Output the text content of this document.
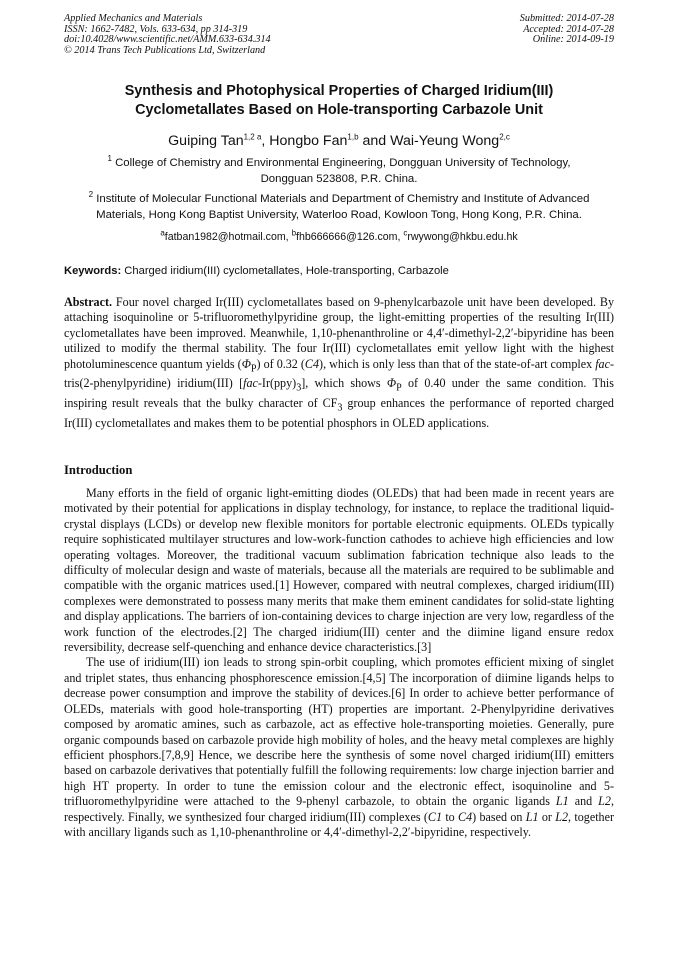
Applied Mechanics and Materials
ISSN: 1662-7482, Vols. 633-634, pp 314-319
doi:10.4028/www.scientific.net/AMM.633-634.314
© 2014 Trans Tech Publications Ltd, Switzerland
Submitted: 2014-07-28
Accepted: 2014-07-28
Online: 2014-09-19
Synthesis and Photophysical Properties of Charged Iridium(III)
Cyclometallates Based on Hole-transporting Carbazole Unit
Guiping Tan$^{1,2 a}$, Hongbo Fan$^{1,b}$ and Wai-Yeung Wong$^{2,c}$
$^1$ College of Chemistry and Environmental Engineering, Dongguan University of Technology,
Dongguan 523808, P.R. China.
$^2$ Institute of Molecular Functional Materials and Department of Chemistry and Institute of Advanced
Materials, Hong Kong Baptist University, Waterloo Road, Kowloon Tong, Hong Kong, P.R. China.
$^a$fatban1982@hotmail.com, $^b$fhb666666@126.com, $^c$rwywong@hkbu.edu.hk
Keywords: Charged iridium(III) cyclometallates, Hole-transporting, Carbazole

Abstract. Four novel charged Ir(III) cyclometallates based on 9-phenylcarbazole unit have been developed. By attaching isoquinoline or 5-trifluoromethylpyridine group, the light-emitting properties of the resulting Ir(III) cyclometallates have been improved. Meanwhile, 1,10-phenanthroline or 4,4′-dimethyl-2,2′-bipyridine has been utilized to modify the thermal stability. The four Ir(III) cyclometallates emit yellow light with the highest photoluminescence quantum yields $(\Phi_P)$ of 0.32 (C4), which is only less than that of the state-of-art complex fac-tris(2-phenylpyridine) iridium(III) $[fac-Ir(ppy)_3]$, which shows $\Phi_P$ of 0.40 under the same condition. This inspiring result reveals that the bulky character of $CF_3$ group enhances the performance of reported charged Ir(III) cyclometallates and makes them to be potential phosphors in OLED applications.

Introduction

Many efforts in the field of organic light-emitting diodes (OLEDs) that had been made in recent years are motivated by their potential for applications in display technology, for instance, to replace the traditional liquid-crystal displays (LCDs) or develop new flexible monitors for portable electronic equipments. OLEDs typically require sophisticated multilayer structures and low-work-function cathodes to achieve high efficiencies and low operating voltages. Moreover, the traditional vacuum sublimation fabrication technique also leads to the difficulty of molecular design and waste of materials, because all the materials are required to be sublimable and compatible with the organic matrices used.[1] However, compared with neutral complexes, charged iridium(III) complexes were demonstrated to possess many merits that make them eminent candidates for solid-state lighting and display applications. The barriers of ion-containing devices to charge injection are very low, regardless of the work function of the electrodes.[2] The charged iridium(III) center and the diimine ligand ensure redox reversibility, decrease self-quenching and enhance device characteristics.[3]

The use of iridium(III) ion leads to strong spin-orbit coupling, which promotes efficient mixing of singlet and triplet states, thus enhancing phosphorescence emission.[4,5] The incorporation of diimine ligands helps to decrease power consumption and improve the stability of devices.[6] In order to achieve better performance of OLEDs, materials with good hole-transporting (HT) properties are important. 2-Phenylpyridine derivatives composed by aromatic amines, such as carbazole, act as effective hole-transporting moieties. Generally, pure organic compounds based on carbazole provide high mobility of holes, and the heavy metal complexes are highly efficient phosphors.[7,8,9] Hence, we describe here the synthesis of some novel charged iridium(III) emitters based on carbazole derivatives that potentially fulfill the following requirements: low charge injection barrier and high HT property. In order to tune the emission colour and the electronic effect, isoquinoline and 5-trifluoromethylpyridine were attached to the 9-phenyl carbazole, to obtain the organic ligands L1 and L2, respectively. Finally, we synthesized four charged iridium(III) complexes (C1 to C4) based on L1 or L2, together with ancillary ligands such as 1,10-phenanthroline or 4,4′-dimethyl-2,2′-bipyridine, respectively.
